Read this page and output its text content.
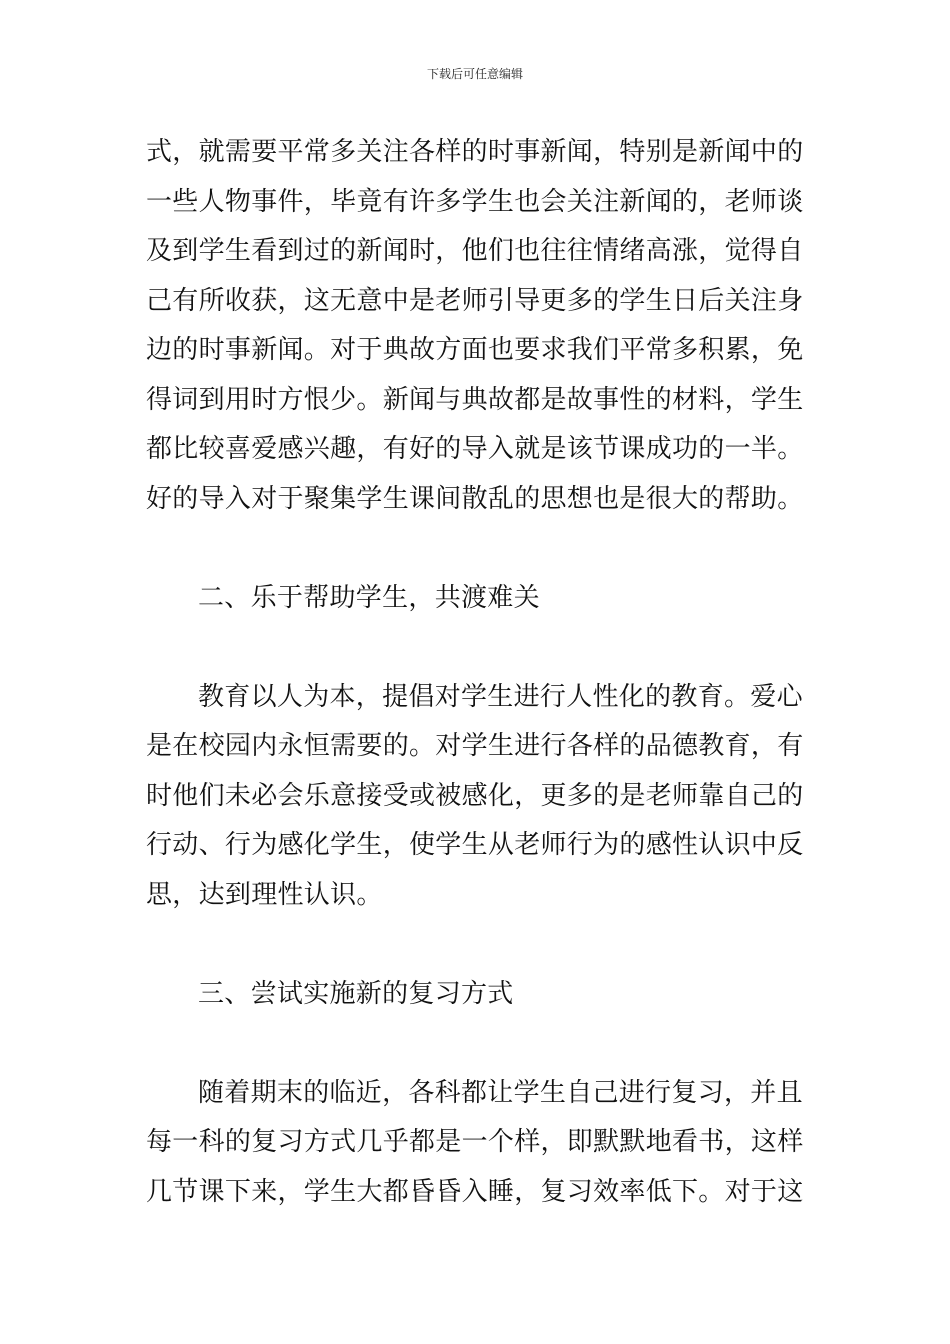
下载后可任意编辑
式，就需要平常多关注各样的时事新闻，特别是新闻中的
一些人物事件，毕竟有许多学生也会关注新闻的，老师谈
及到学生看到过的新闻时，他们也往往情绪高涨，觉得自
己有所收获，这无意中是老师引导更多的学生日后关注身
边的时事新闻。对于典故方面也要求我们平常多积累，免
得词到用时方恨少。新闻与典故都是故事性的材料，学生
都比较喜爱感兴趣，有好的导入就是该节课成功的一半。
好的导入对于聚集学生课间散乱的思想也是很大的帮助。
二、乐于帮助学生，共渡难关
教育以人为本，提倡对学生进行人性化的教育。爱心
是在校园内永恒需要的。对学生进行各样的品德教育，有
时他们未必会乐意接受或被感化，更多的是老师靠自己的
行动、行为感化学生，使学生从老师行为的感性认识中反
思，达到理性认识。
三、尝试实施新的复习方式
随着期末的临近，各科都让学生自己进行复习，并且
每一科的复习方式几乎都是一个样，即默默地看书，这样
几节课下来，学生大都昏昏入睡，复习效率低下。对于这
